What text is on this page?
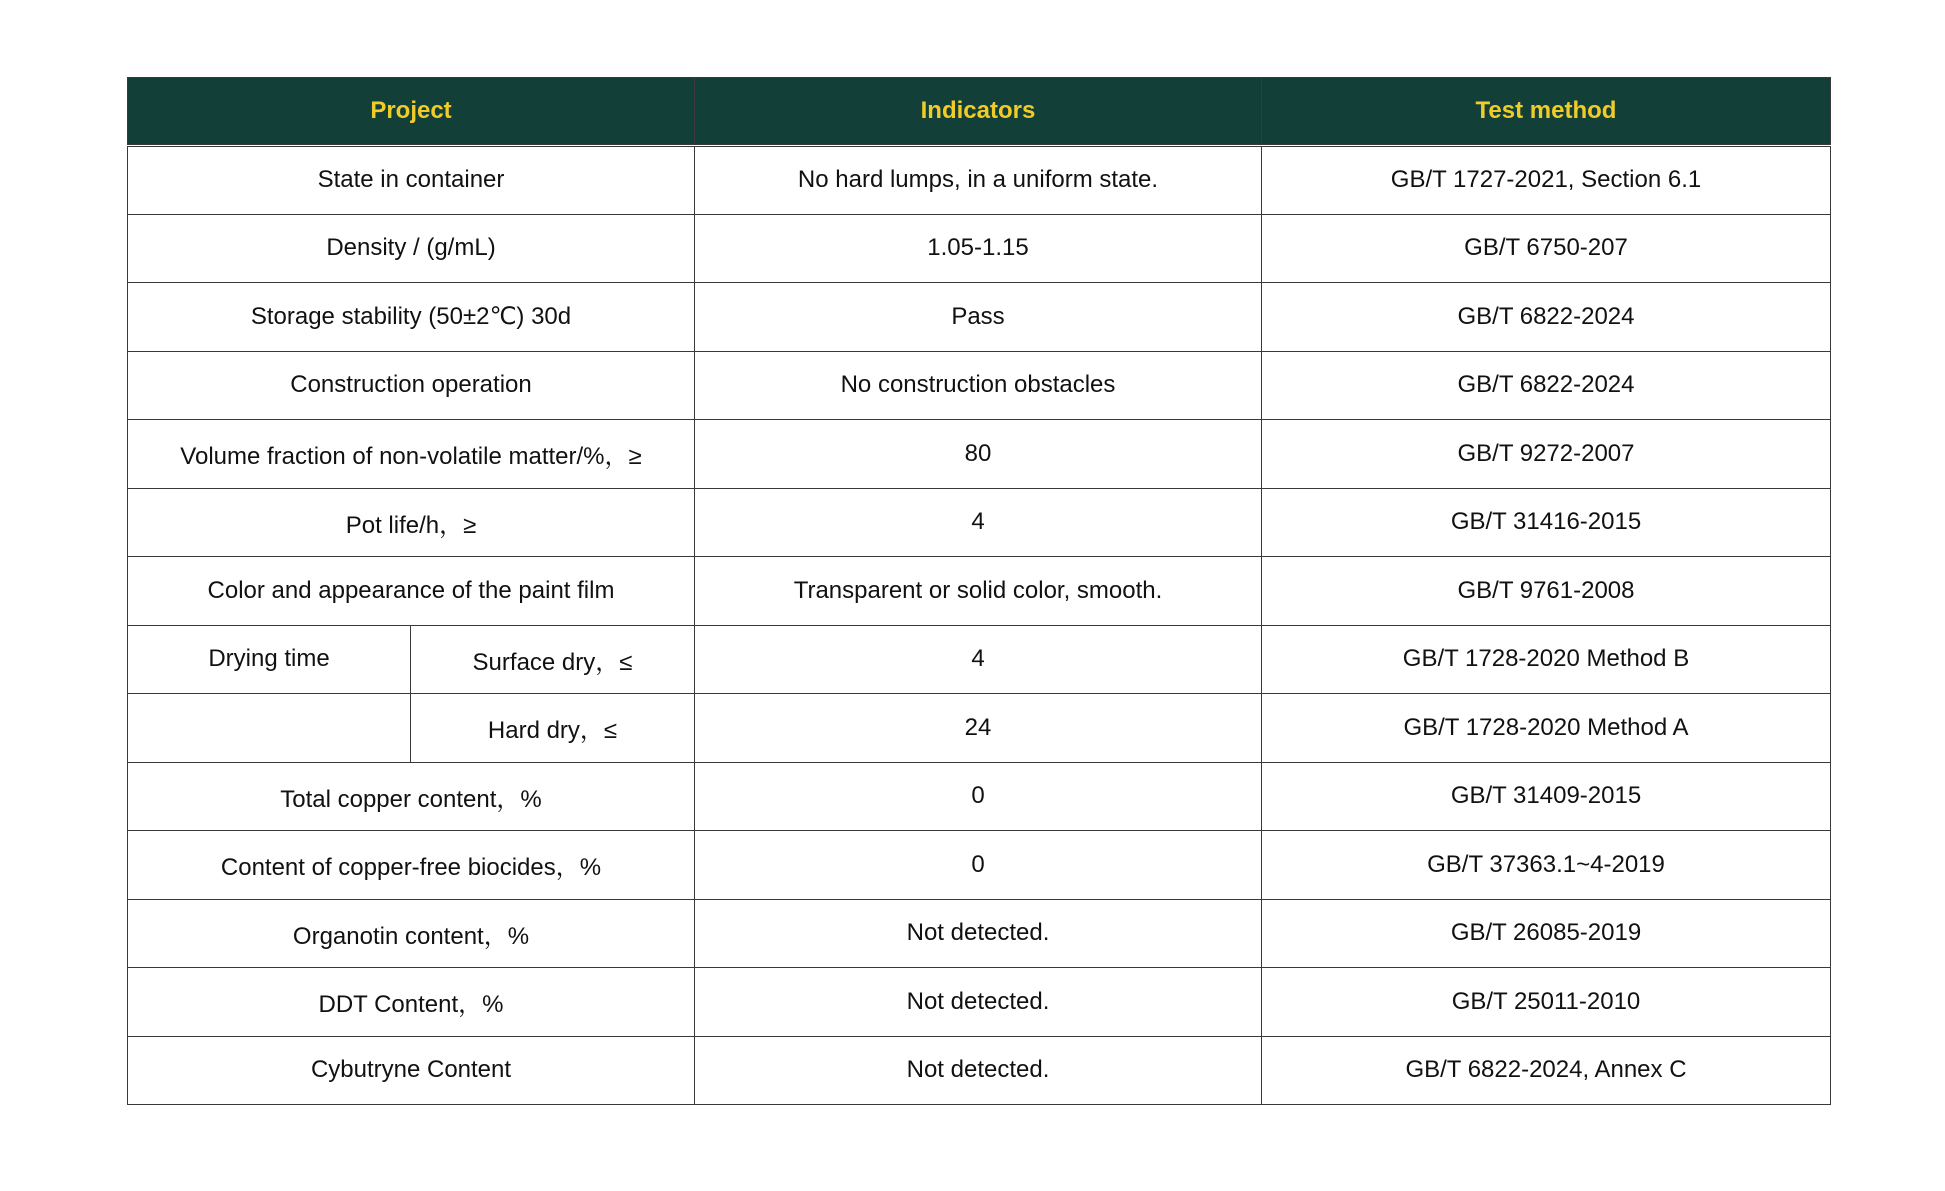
Project		Indicators	Test method
State in container		No hard lumps, in a uniform state.	GB/T 1727-2021, Section 6.1
Density / (g/mL)		1.05-1.15	GB/T 6750-207
Storage stability (50±2℃) 30d		Pass	GB/T 6822-2024
Construction operation		No construction obstacles	GB/T 6822-2024
Volume fraction of non-volatile matter/%，≥		80	GB/T 9272-2007
Pot life/h，≥		4	GB/T 31416-2015
Color and appearance of the paint film		Transparent or solid color, smooth.	GB/T 9761-2008
Drying time	Surface dry，≤	4	GB/T 1728-2020 Method B
	Hard dry，≤	24	GB/T 1728-2020 Method A
Total copper content，%		0	GB/T 31409-2015
Content of copper-free biocides，%		0	GB/T 37363.1~4-2019
Organotin content，%		Not detected.	GB/T 26085-2019
DDT Content，%		Not detected.	GB/T 25011-2010
Cybutryne Content		Not detected.	GB/T 6822-2024, Annex C
